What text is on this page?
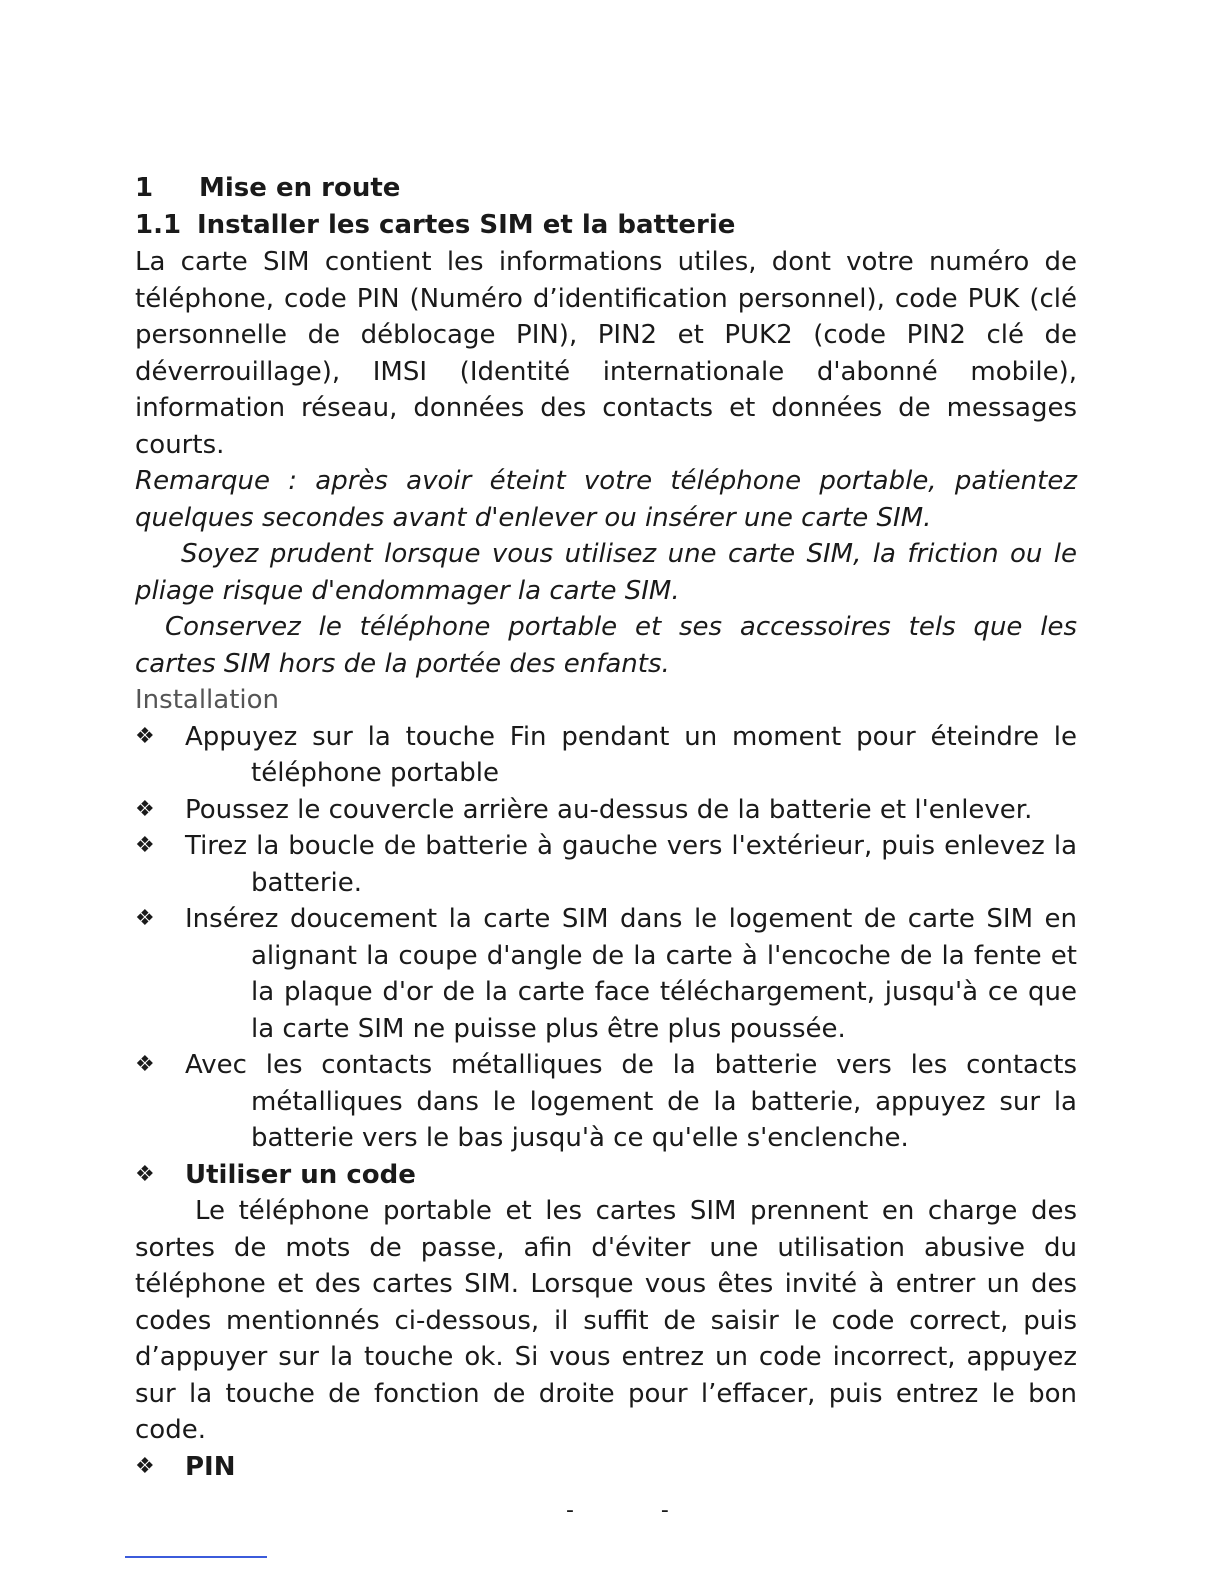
1	Mise en route
1.1 Installer les cartes SIM et la batterie

La carte SIM contient les informations utiles, dont votre numéro de téléphone, code PIN (Numéro d’identification personnel), code PUK (clé personnelle de déblocage PIN), PIN2 et PUK2 (code PIN2 clé de déverrouillage), IMSI (Identité internationale d'abonné mobile), information réseau, données des contacts et données de messages courts.

Remarque : après avoir éteint votre téléphone portable, patientez quelques secondes avant d'enlever ou insérer une carte SIM.

Soyez prudent lorsque vous utilisez une carte SIM, la friction ou le pliage risque d'endommager la carte SIM.

Conservez le téléphone portable et ses accessoires tels que les cartes SIM hors de la portée des enfants.

Installation

❖	Appuyez sur la touche Fin pendant un moment pour éteindre le téléphone portable
❖	Poussez le couvercle arrière au-dessus de la batterie et l'enlever.
❖	Tirez la boucle de batterie à gauche vers l'extérieur, puis enlevez la batterie.
❖	Insérez doucement la carte SIM dans le logement de carte SIM en alignant la coupe d'angle de la carte à l'encoche de la fente et la plaque d'or de la carte face téléchargement, jusqu'à ce que la carte SIM ne puisse plus être plus poussée.
❖	Avec les contacts métalliques de la batterie vers les contacts métalliques dans le logement de la batterie, appuyez sur la batterie vers le bas jusqu'à ce qu'elle s'enclenche.
❖	Utiliser un code

Le téléphone portable et les cartes SIM prennent en charge des sortes de mots de passe, afin d'éviter une utilisation abusive du téléphone et des cartes SIM. Lorsque vous êtes invité à entrer un des codes mentionnés ci-dessous, il suffit de saisir le code correct, puis d’appuyer sur la touche ok. Si vous entrez un code incorrect, appuyez sur la touche de fonction de droite pour l’effacer, puis entrez le bon code.

❖	PIN
- -
